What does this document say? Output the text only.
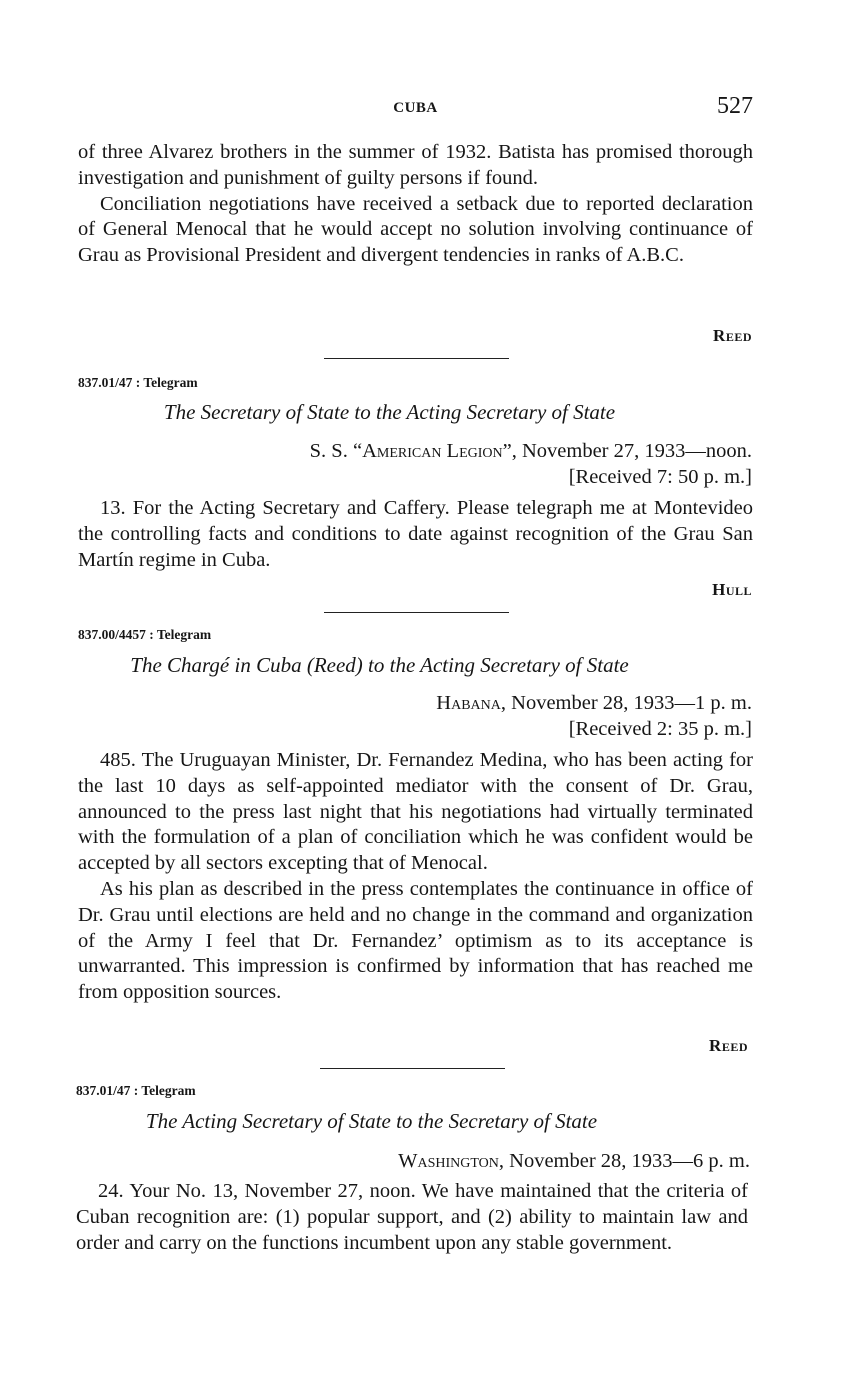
CUBA	527

of three Alvarez brothers in the summer of 1932. Batista has promised thorough investigation and punishment of guilty persons if found.

Conciliation negotiations have received a setback due to reported declaration of General Menocal that he would accept no solution involving continuance of Grau as Provisional President and divergent tendencies in ranks of A.B.C.

Reed
837.01/47 : Telegram
The Secretary of State to the Acting Secretary of State
S. S. “American Legion”, November 27, 1933—noon.
[Received 7: 50 p. m.]

13. For the Acting Secretary and Caffery. Please telegraph me at Montevideo the controlling facts and conditions to date against recognition of the Grau San Martín regime in Cuba.

Hull
837.00/4457 : Telegram
The Chargé in Cuba (Reed) to the Acting Secretary of State
Habana, November 28, 1933—1 p. m.
[Received 2: 35 p. m.]

485. The Uruguayan Minister, Dr. Fernandez Medina, who has been acting for the last 10 days as self-appointed mediator with the consent of Dr. Grau, announced to the press last night that his negotiations had virtually terminated with the formulation of a plan of conciliation which he was confident would be accepted by all sectors excepting that of Menocal.

As his plan as described in the press contemplates the continuance in office of Dr. Grau until elections are held and no change in the command and organization of the Army I feel that Dr. Fernandez’ optimism as to its acceptance is unwarranted. This impression is confirmed by information that has reached me from opposition sources.

Reed
837.01/47 : Telegram
The Acting Secretary of State to the Secretary of State
Washington, November 28, 1933—6 p. m.

24. Your No. 13, November 27, noon. We have maintained that the criteria of Cuban recognition are: (1) popular support, and (2) ability to maintain law and order and carry on the functions incumbent upon any stable government.
